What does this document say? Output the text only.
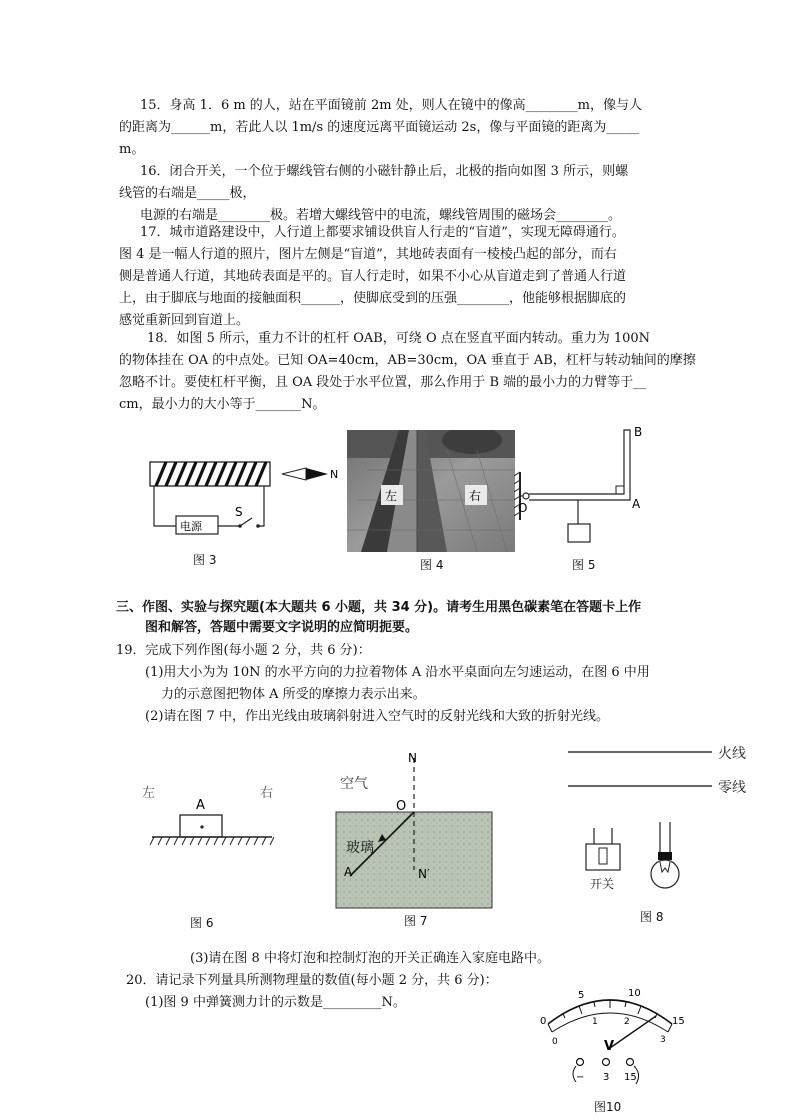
15．身高 1．6 m 的人，站在平面镜前 2m 处，则人在镜中的像高________m，像与人
的距离为______m，若此人以 1m/s 的速度远离平面镜运动 2s，像与平面镜的距离为_____
m。
16．闭合开关，一个位于螺线管右侧的小磁针静止后，北极的指向如图 3 所示，则螺
线管的右端是_____极，
电源的右端是________极。若增大螺线管中的电流，螺线管周围的磁场会________。
17．城市道路建设中，人行道上都要求铺设供盲人行走的“盲道”，实现无障碍通行。
图 4 是一幅人行道的照片，图片左侧是“盲道”，其地砖表面有一棱棱凸起的部分，而右
侧是普通人行道，其地砖表面是平的。盲人行走时，如果不小心从盲道走到了普通人行道
上，由于脚底与地面的接触面积______，使脚底受到的压强________，他能够根据脚底的
感觉重新回到盲道上。
18．如图 5 所示，重力不计的杠杆 OAB，可绕 O 点在竖直平面内转动。重力为 100N
的物体挂在 OA 的中点处。已知 OA=40cm，AB=30cm，OA 垂直于 AB，杠杆与转动轴间的摩擦
忽略不计。要使杠杆平衡，且 OA 段处于水平位置，那么作用于 B 端的最小力的力臂等于__
cm，最小力的大小等于_______N。
N
电源
S
图 3
左	右
图 4
B
A
O
图 5
三、作图、实验与探究题(本大题共 6 小题，共 34 分)。请考生用黑色碳素笔在答题卡上作
图和解答，答题中需要文字说明的应简明扼要。
19．完成下列作图(每小题 2 分，共 6 分)：
(1)用大小为为 10N 的水平方向的力拉着物体 A 沿水平桌面向左匀速运动，在图 6 中用
力的示意图把物体 A 所受的摩擦力表示出来。
(2)请在图 7 中，作出光线由玻璃斜射进入空气时的反射光线和大致的折射光线。
左	右
A
图 6
空气
N
O
N′
玻璃
A
图 7
火线
零线
开关
图 8
(3)请在图 8 中将灯泡和控制灯泡的开关正确连入家庭电路中。
20．请记录下列量具所测物理量的数值(每小题 2 分，共 6 分)：
(1)图 9 中弹簧测力计的示数是_________N。
0
5	10
15
0
1	2
3
V
− 3 15
图10
